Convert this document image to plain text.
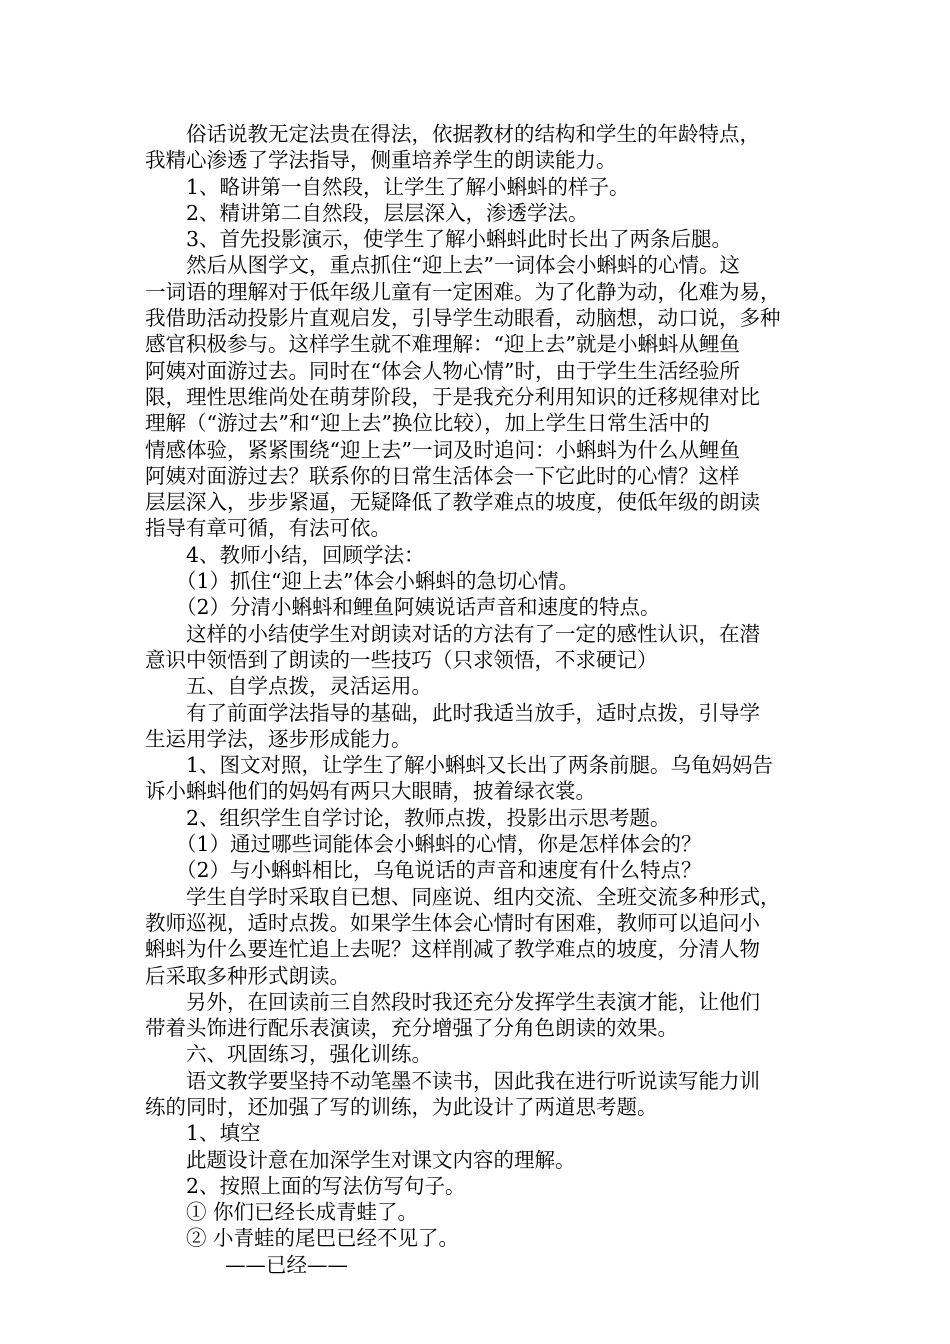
俗话说教无定法贵在得法，依据教材的结构和学生的年龄特点，
我精心渗透了学法指导，侧重培养学生的朗读能力。
1、略讲第一自然段，让学生了解小蝌蚪的样子。
2、精讲第二自然段，层层深入，渗透学法。
3、首先投影演示，使学生了解小蝌蚪此时长出了两条后腿。
然后从图学文，重点抓住“迎上去”一词体会小蝌蚪的心情。这
一词语的理解对于低年级儿童有一定困难。为了化静为动，化难为易，
我借助活动投影片直观启发，引导学生动眼看，动脑想，动口说，多种
感官积极参与。这样学生就不难理解：“迎上去”就是小蝌蚪从鲤鱼
阿姨对面游过去。同时在“体会人物心情”时，由于学生生活经验所
限，理性思维尚处在萌芽阶段，于是我充分利用知识的迁移规律对比
理解（“游过去”和“迎上去”换位比较），加上学生日常生活中的
情感体验，紧紧围绕“迎上去”一词及时追问：小蝌蚪为什么从鲤鱼
阿姨对面游过去？联系你的日常生活体会一下它此时的心情？这样
层层深入，步步紧逼，无疑降低了教学难点的坡度，使低年级的朗读
指导有章可循，有法可依。
4、教师小结，回顾学法：
（1）抓住“迎上去”体会小蝌蚪的急切心情。
（2）分清小蝌蚪和鲤鱼阿姨说话声音和速度的特点。
这样的小结使学生对朗读对话的方法有了一定的感性认识，在潜
意识中领悟到了朗读的一些技巧（只求领悟，不求硬记）
五、自学点拨，灵活运用。
有了前面学法指导的基础，此时我适当放手，适时点拨，引导学
生运用学法，逐步形成能力。
1、图文对照，让学生了解小蝌蚪又长出了两条前腿。乌龟妈妈告
诉小蝌蚪他们的妈妈有两只大眼睛，披着绿衣裳。
2、组织学生自学讨论，教师点拨，投影出示思考题。
（1）通过哪些词能体会小蝌蚪的心情，你是怎样体会的？
（2）与小蝌蚪相比，乌龟说话的声音和速度有什么特点？
学生自学时采取自已想、同座说、组内交流、全班交流多种形式，
教师巡视，适时点拨。如果学生体会心情时有困难，教师可以追问小
蝌蚪为什么要连忙追上去呢？这样削减了教学难点的坡度，分清人物
后采取多种形式朗读。
另外，在回读前三自然段时我还充分发挥学生表演才能，让他们
带着头饰进行配乐表演读，充分增强了分角色朗读的效果。
六、巩固练习，强化训练。
语文教学要坚持不动笔墨不读书，因此我在进行听说读写能力训
练的同时，还加强了写的训练，为此设计了两道思考题。
1、填空
此题设计意在加深学生对课文内容的理解。
2、按照上面的写法仿写句子。
① 你们已经长成青蛙了。
② 小青蛙的尾巴已经不见了。
——已经——
